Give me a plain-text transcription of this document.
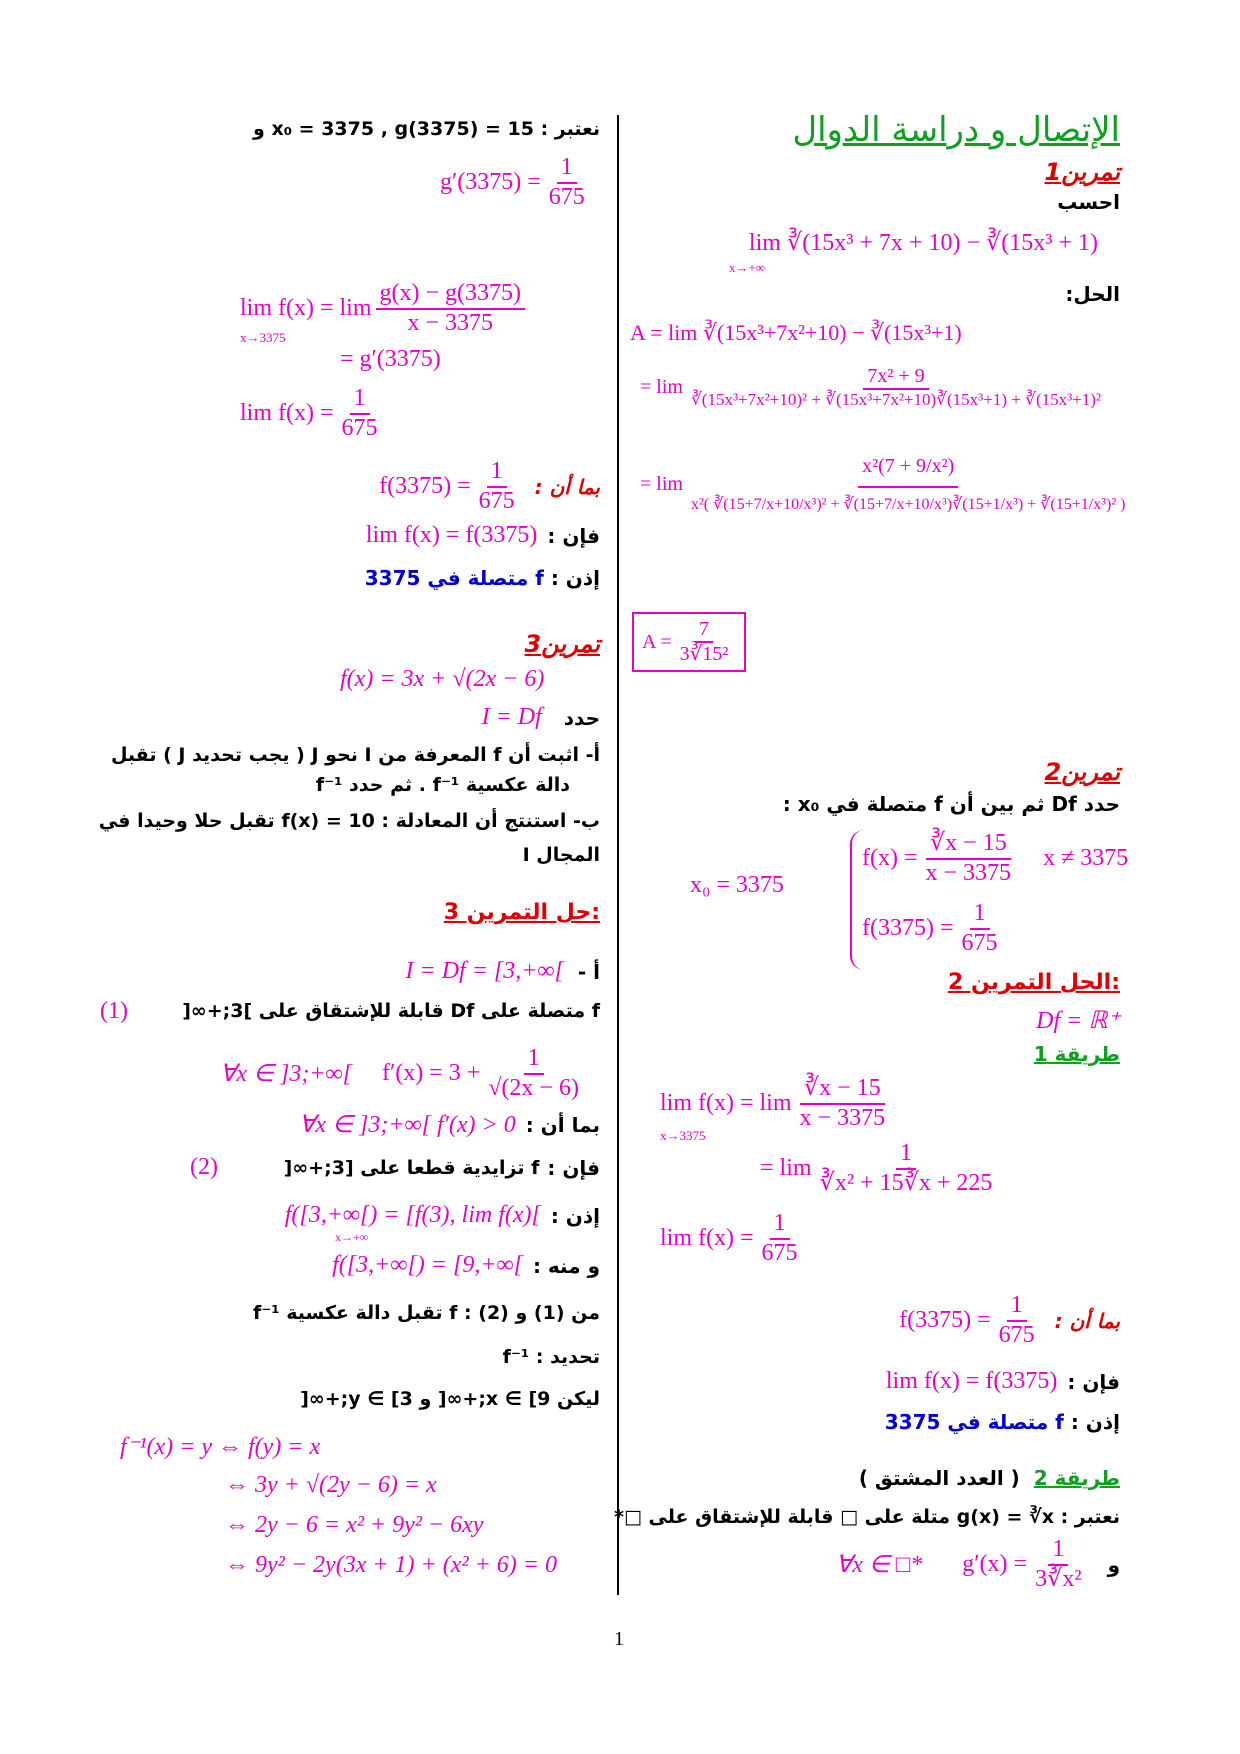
الإتصال و دراسة الدوال
تمرين1
احسب
lim ∛(15x³ + 7x + 10) − ∛(15x³ + 1)
x→+∞
الحل:
A = lim ∛(15x³+7x²+10) − ∛(15x³+1)
= $\lim \frac{\text{7x² + 9}}{\text{∛(15x³+7x²+10)² + ∛(15x³+7x²+10)∛(15x³+1) + ∛(15x³+1)²}}$
= lim
x²(7 + 9/x²)
x²( ∛(15+7/x+10/x³)² + ∛(15+7/x+10/x³)∛(15+1/x³) + ∛(15+1/x³)² )
$A = \frac{7}{\text{3∛15²}}$
تمرين2
حدد Df ثم بين أن f متصلة في x₀ :
x₀ = 3375
$f(x) = \frac{∛x - 15}{x - 3375}$ x ≠ 3375
$f(3375) = \frac{1}{675}$
الحل التمرين 2:
Df = ℝ⁺
طريقة 1
$\lim f(x) = \lim \frac{∛x - 15}{x - 3375}$
x→3375
= $\lim \frac{1}{\text{∛x² + 15∛x + 225}}$
$\lim f(x) = \frac{1}{675}$
بما أن :
$f(3375) = \frac{1}{675}$
فإن :
lim f(x) = f(3375)
إذن : f متصلة في 3375
طريقة 2
( العدد المشتق )
نعتبر : g(x) = ∛x متلة على □ قابلة للإشتقاق على □*
و
$g'(x) = \frac{1}{\text{3∛x²}}$
∀x ∈ □*
نعتبر : x₀ = 3375 , g(3375) = 15 و
$g'(3375) = \frac{1}{675}$
$\lim f(x) = \lim \frac{g(x) - g(3375)}{x - 3375}$
x→3375
= g′(3375)
$\lim f(x) = \frac{1}{675}$
بما أن :
$f(3375) = \frac{1}{675}$
فإن :
lim f(x) = f(3375)
إذن : f متصلة في 3375
تمرين3
f(x) = 3x + √(2x − 6)
حدد
I = Df
أ- اثبت أن f المعرفة من I نحو J ( يجب تحديد J ) تقبل
دالة عكسية f⁻¹ . ثم حدد f⁻¹
ب- استنتج أن المعادلة : f(x) = 10 تقبل حلا وحيدا في
المجال I
حل التمرين 3:
أ -
I = Df = [3,+∞[
f متصلة على Df قابلة للإشتقاق على ]3;+∞[
(1)
∀x ∈ ]3;+∞[ $f'(x) = 3 + \frac{1}{√(2x - 6)}$
بما أن :
∀x ∈ ]3;+∞[ f′(x) > 0
فإن :
f تزايدية قطعا على [3;+∞[
(2)
إذن :
f([3,+∞[) = [f(3), lim f(x)[
x→+∞
و منه :
f([3,+∞[) = [9,+∞[
من (1) و (2) : f تقبل دالة عكسية f⁻¹
تحديد : f⁻¹
ليكن x ∈ [9;+∞[ و y ∈ [3;+∞[
f⁻¹(x) = y ⇔ f(y) = x
⇔ 3y + √(2y − 6) = x
⇔ 2y − 6 = x² + 9y² − 6xy
⇔ 9y² − 2y(3x + 1) + (x² + 6) = 0
1
